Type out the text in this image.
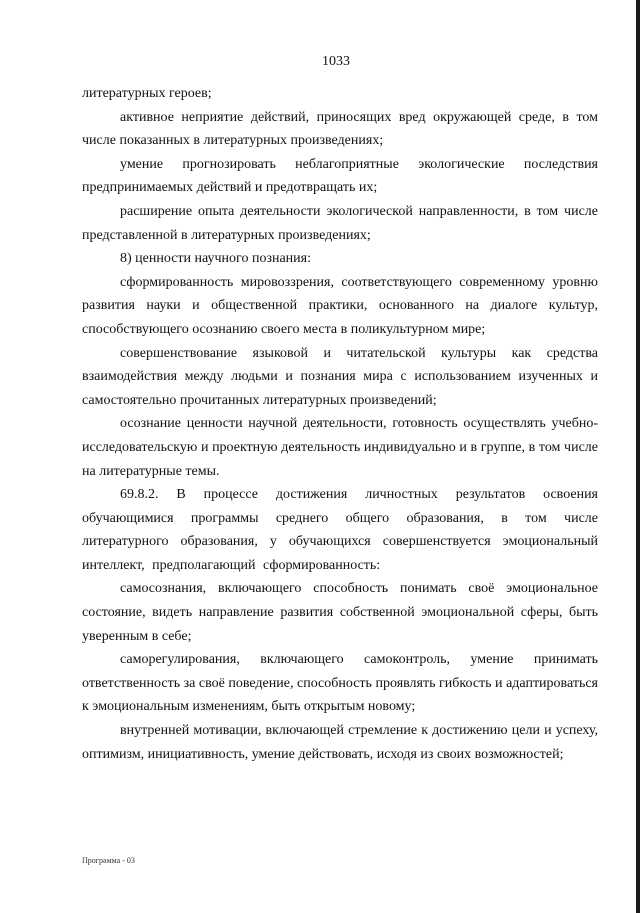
1033

литературных героев;

активное неприятие действий, приносящих вред окружающей среде, в том числе показанных в литературных произведениях;

умение прогнозировать неблагоприятные экологические последствия предпринимаемых действий и предотвращать их;

расширение опыта деятельности экологической направленности, в том числе представленной в литературных произведениях;

8) ценности научного познания:

сформированность мировоззрения, соответствующего современному уровню развития науки и общественной практики, основанного на диалоге культур, способствующего осознанию своего места в поликультурном мире;

совершенствование языковой и читательской культуры как средства взаимодействия между людьми и познания мира с использованием изученных и самостоятельно прочитанных литературных произведений;

осознание ценности научной деятельности, готовность осуществлять учебно-исследовательскую и проектную деятельность индивидуально и в группе, в том числе на литературные темы.

69.8.2. В процессе достижения личностных результатов освоения обучающимися программы среднего общего образования, в том числе литературного образования, у обучающихся совершенствуется эмоциональный интеллект, предполагающий сформированность:

самосознания, включающего способность понимать своё эмоциональное состояние, видеть направление развития собственной эмоциональной сферы, быть уверенным в себе;

саморегулирования, включающего самоконтроль, умение принимать ответственность за своё поведение, способность проявлять гибкость и адаптироваться к эмоциональным изменениям, быть открытым новому;

внутренней мотивации, включающей стремление к достижению цели и успеху, оптимизм, инициативность, умение действовать, исходя из своих возможностей;

Программа - 03
